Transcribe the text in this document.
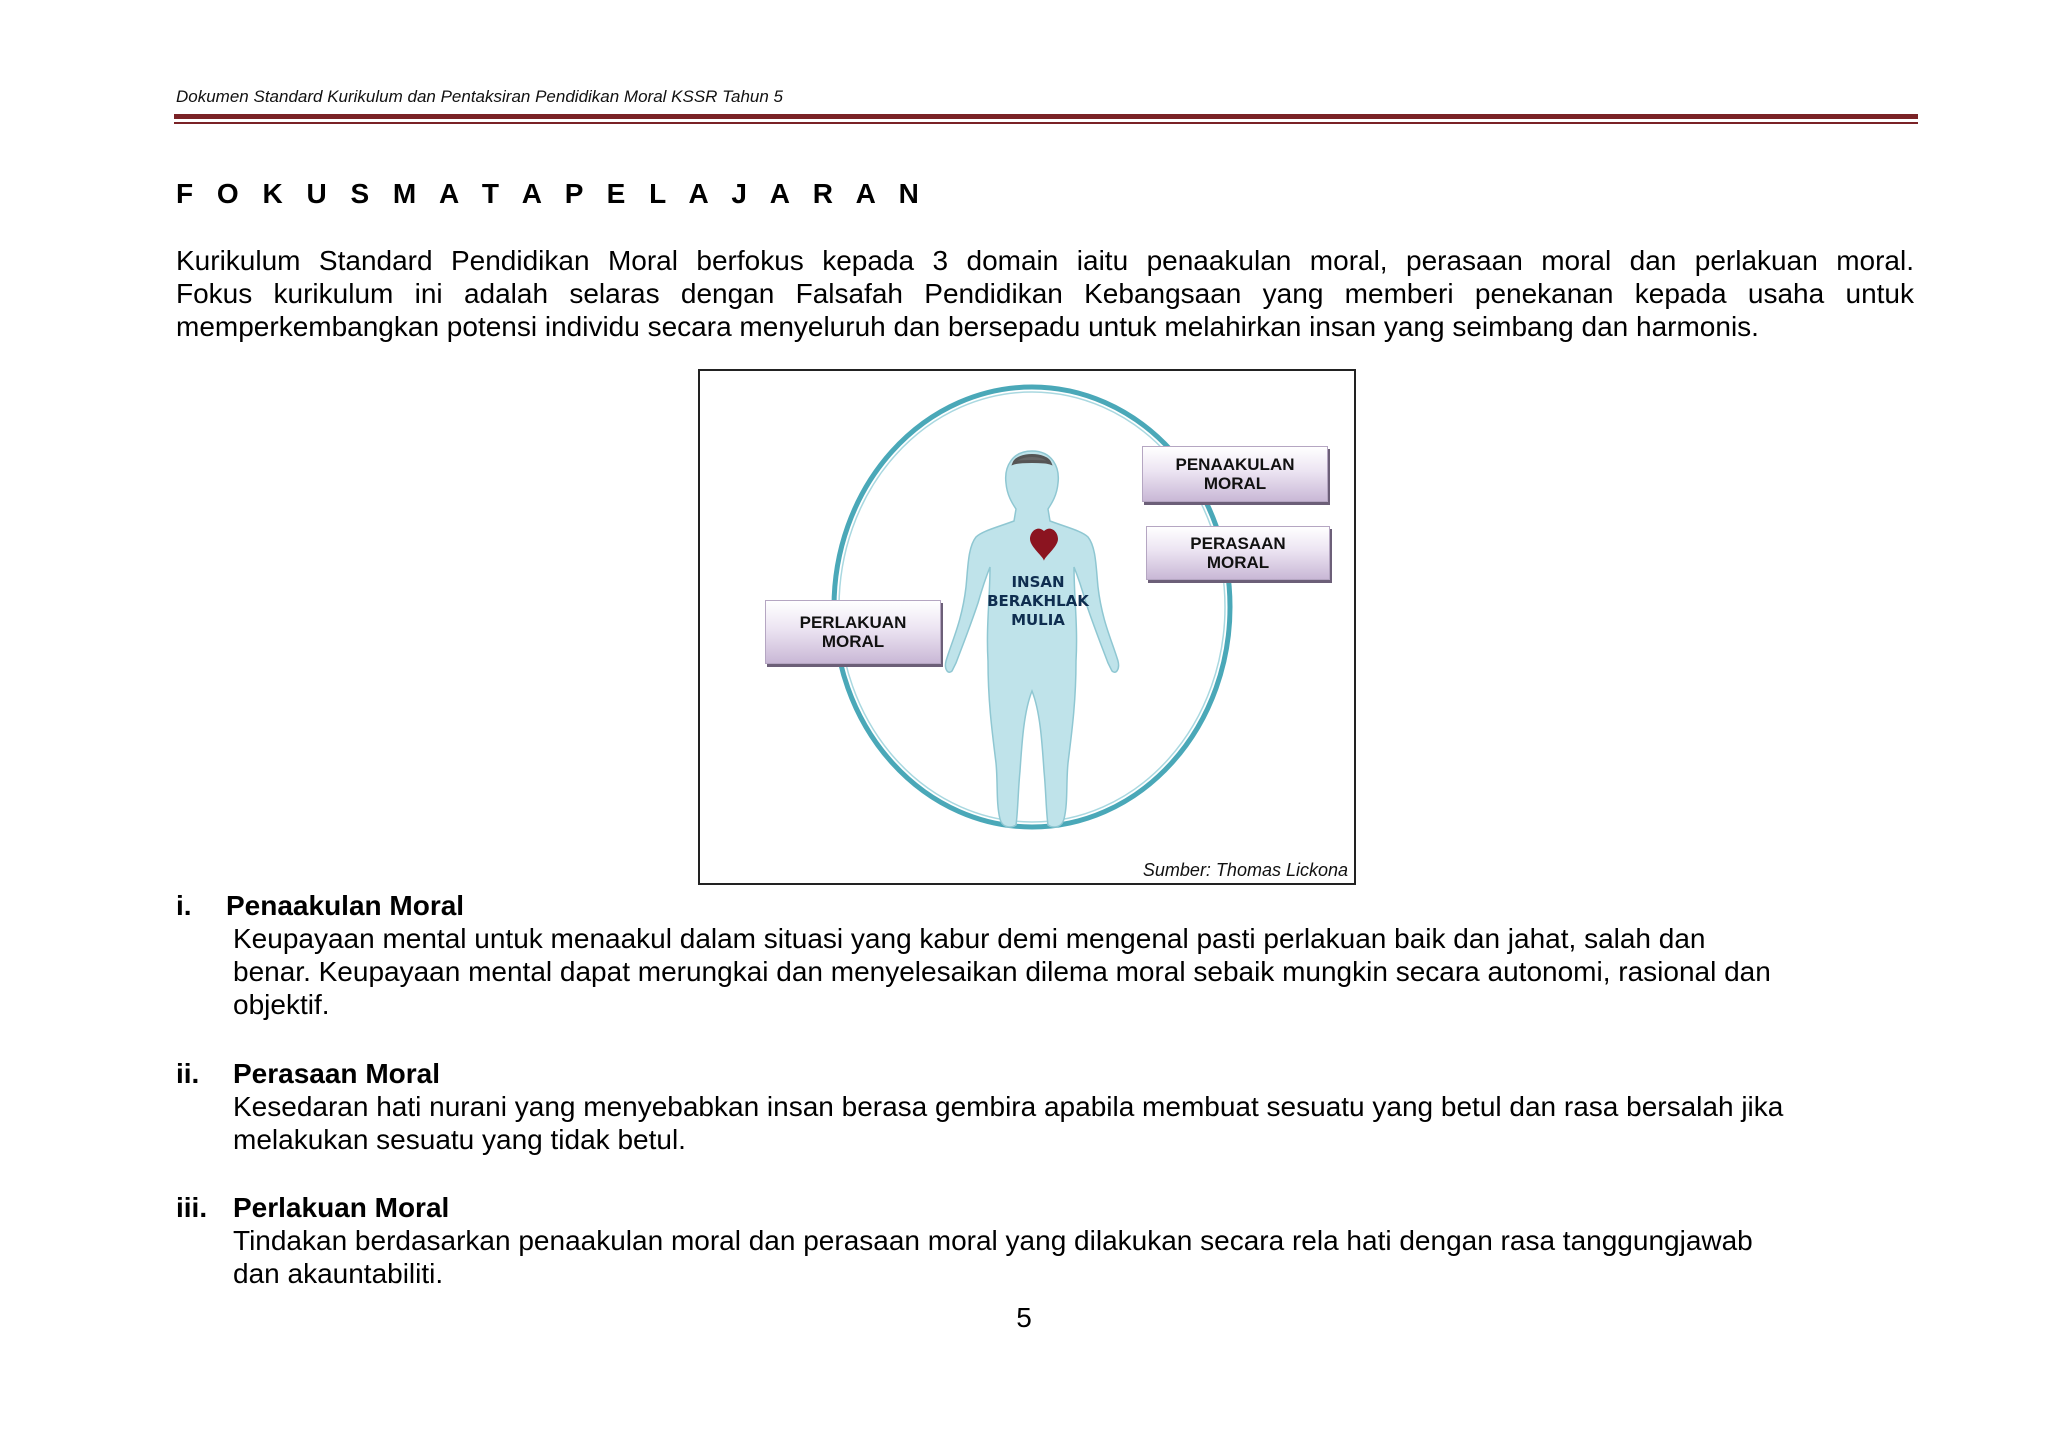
Dokumen Standard Kurikulum dan Pentaksiran Pendidikan Moral KSSR Tahun 5
F O K U S M A T A P E L A J A R A N
Kurikulum Standard Pendidikan Moral berfokus kepada 3 domain iaitu penaakulan moral, perasaan moral dan perlakuan moral.
Fokus kurikulum ini adalah selaras dengan Falsafah Pendidikan Kebangsaan yang memberi penekanan kepada usaha untuk
memperkembangkan potensi individu secara menyeluruh dan bersepadu untuk melahirkan insan yang seimbang dan harmonis.
INSAN
BERAKHLAK
MULIA
PENAAKULAN
MORAL
PERASAAN
MORAL
PERLAKUAN
MORAL
Sumber: Thomas Lickona
i. Penaakulan Moral
Keupayaan mental untuk menaakul dalam situasi yang kabur demi mengenal pasti perlakuan baik dan jahat, salah dan
benar. Keupayaan mental dapat merungkai dan menyelesaikan dilema moral sebaik mungkin secara autonomi, rasional dan
objektif.
ii. Perasaan Moral
Kesedaran hati nurani yang menyebabkan insan berasa gembira apabila membuat sesuatu yang betul dan rasa bersalah jika
melakukan sesuatu yang tidak betul.
iii. Perlakuan Moral
Tindakan berdasarkan penaakulan moral dan perasaan moral yang dilakukan secara rela hati dengan rasa tanggungjawab
dan akauntabiliti.
5
